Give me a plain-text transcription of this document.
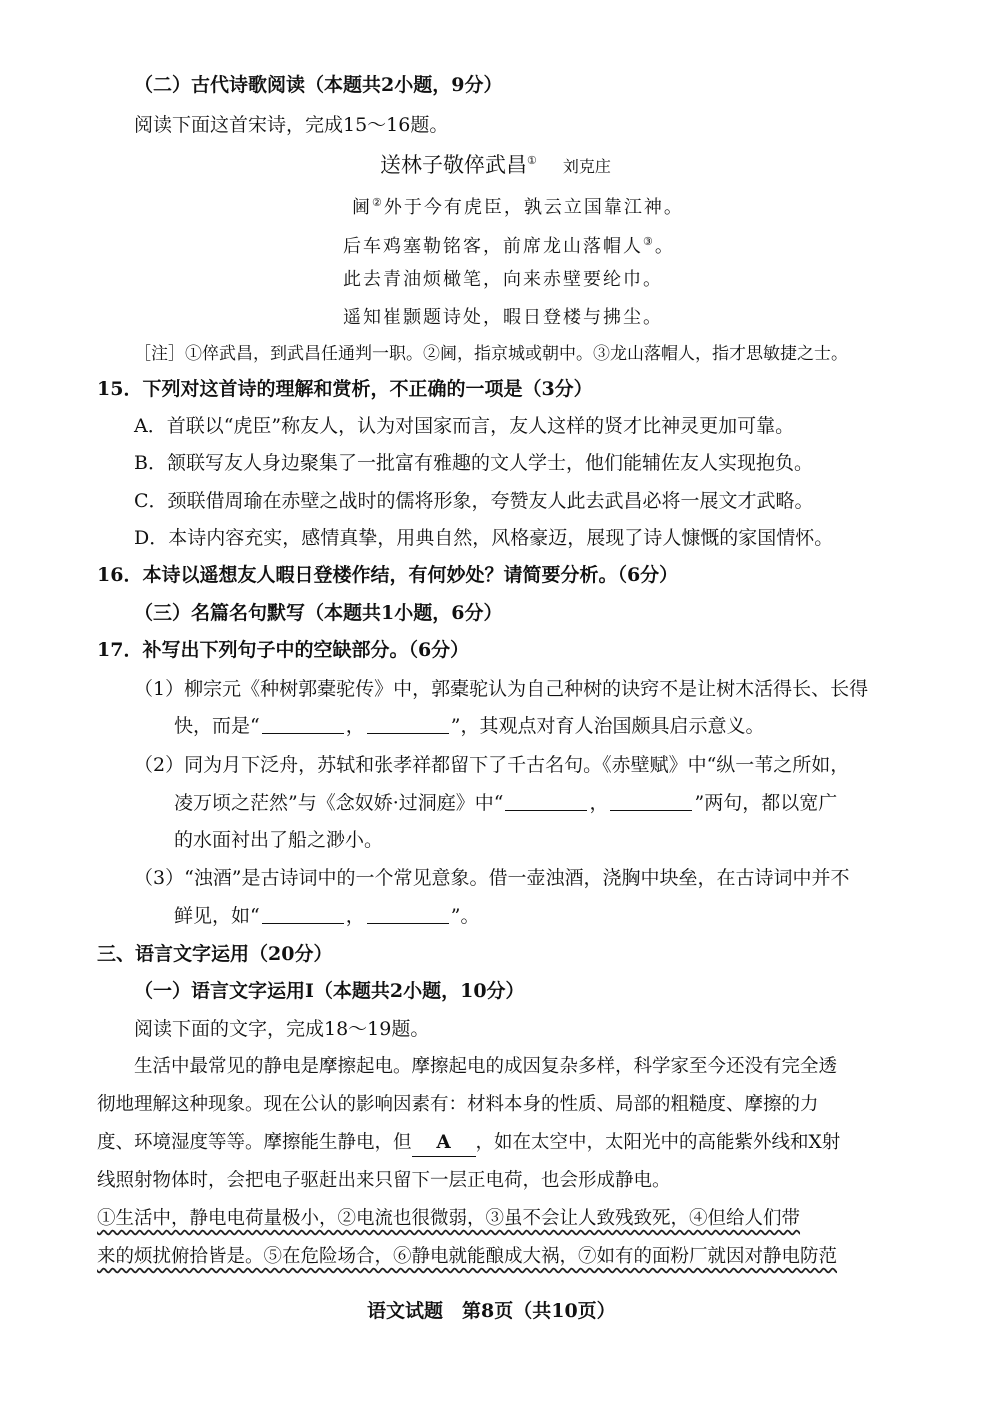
（二）古代诗歌阅读（本题共2小题，9分）
阅读下面这首宋诗，完成15～16题。
送林子敬倅武昌① 刘克庄
阃②外于今有虎臣，孰云立国靠江神。
后车鸡塞勒铭客，前席龙山落帽人③。
此去青油烦橄笔，向来赤壁要纶巾。
遥知崔颢题诗处，暇日登楼与拂尘。
［注］①倅武昌，到武昌任通判一职。②阃，指京城或朝中。③龙山落帽人，指才思敏捷之士。
15．下列对这首诗的理解和赏析，不正确的一项是（3分）
A．首联以“虎臣”称友人，认为对国家而言，友人这样的贤才比神灵更加可靠。
B．颔联写友人身边聚集了一批富有雅趣的文人学士，他们能辅佐友人实现抱负。
C．颈联借周瑜在赤壁之战时的儒将形象，夸赞友人此去武昌必将一展文才武略。
D．本诗内容充实，感情真挚，用典自然，风格豪迈，展现了诗人慷慨的家国情怀。
16．本诗以遥想友人暇日登楼作结，有何妙处？请简要分析。（6分）
（三）名篇名句默写（本题共1小题，6分）
17．补写出下列句子中的空缺部分。（6分）
（1）柳宗元《种树郭橐驼传》中，郭橐驼认为自己种树的诀窍不是让树木活得长、长得
快，而是“	，	”，其观点对育人治国颇具启示意义。
（2）同为月下泛舟，苏轼和张孝祥都留下了千古名句。《赤壁赋》中“纵一苇之所如，
凌万顷之茫然”与《念奴娇·过洞庭》中“	，	”两句，都以宽广
的水面衬出了船之渺小。
（3）“浊酒”是古诗词中的一个常见意象。借一壶浊酒，浇胸中块垒，在古诗词中并不
鲜见，如“	，	”。
三、语言文字运用（20分）
（一）语言文字运用Ⅰ（本题共2小题，10分）
阅读下面的文字，完成18～19题。
生活中最常见的静电是摩擦起电。摩擦起电的成因复杂多样，科学家至今还没有完全透
彻地理解这种现象。现在公认的影响因素有：材料本身的性质、局部的粗糙度、摩擦的力
度、环境湿度等等。摩擦能生静电，但 A ，如在太空中，太阳光中的高能紫外线和X射
线照射物体时，会把电子驱赶出来只留下一层正电荷，也会形成静电。
①生活中，静电电荷量极小，②电流也很微弱，③虽不会让人致残致死，④但给人们带
来的烦扰俯拾皆是。⑤在危险场合，⑥静电就能酿成大祸，⑦如有的面粉厂就因对静电防范
语文试题　第8页（共10页）
